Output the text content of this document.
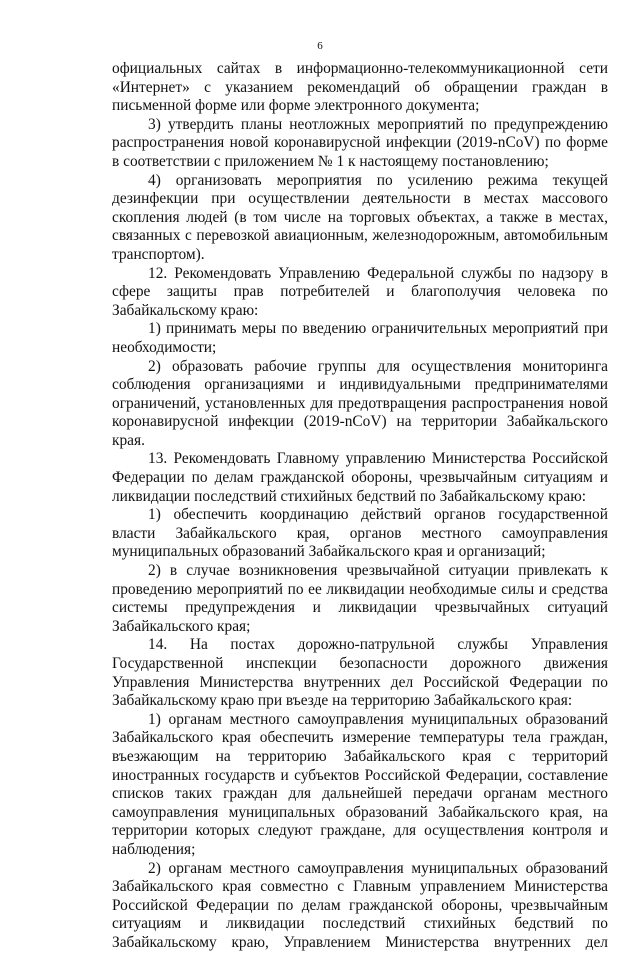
6

официальных сайтах в информационно-телекоммуникационной сети «Интернет» с указанием рекомендаций об обращении граждан в письменной форме или форме электронного документа;

3) утвердить планы неотложных мероприятий по предупреждению распространения новой коронавирусной инфекции (2019-nCoV) по форме в соответствии с приложением № 1 к настоящему постановлению;

4) организовать мероприятия по усилению режима текущей дезинфекции при осуществлении деятельности в местах массового скопления людей (в том числе на торговых объектах, а также в местах, связанных с перевозкой авиационным, железнодорожным, автомобильным транспортом).

12. Рекомендовать Управлению Федеральной службы по надзору в сфере защиты прав потребителей и благополучия человека по Забайкальскому краю:

1) принимать меры по введению ограничительных мероприятий при необходимости;

2) образовать рабочие группы для осуществления мониторинга соблюдения организациями и индивидуальными предпринимателями ограничений, установленных для предотвращения распространения новой коронавирусной инфекции (2019-nCoV) на территории Забайкальского края.

13. Рекомендовать Главному управлению Министерства Российской Федерации по делам гражданской обороны, чрезвычайным ситуациям и ликвидации последствий стихийных бедствий по Забайкальскому краю:

1) обеспечить координацию действий органов государственной власти Забайкальского края, органов местного самоуправления муниципальных образований Забайкальского края и организаций;

2) в случае возникновения чрезвычайной ситуации привлекать к проведению мероприятий по ее ликвидации необходимые силы и средства системы предупреждения и ликвидации чрезвычайных ситуаций Забайкальского края;

14. На постах дорожно-патрульной службы Управления Государственной инспекции безопасности дорожного движения Управления Министерства внутренних дел Российской Федерации по Забайкальскому краю при въезде на территорию Забайкальского края:

1) органам местного самоуправления муниципальных образований Забайкальского края обеспечить измерение температуры тела граждан, въезжающим на территорию Забайкальского края с территорий иностранных государств и субъектов Российской Федерации, составление списков таких граждан для дальнейшей передачи органам местного самоуправления муниципальных образований Забайкальского края, на территории которых следуют граждане, для осуществления контроля и наблюдения;

2) органам местного самоуправления муниципальных образований Забайкальского края совместно с Главным управлением Министерства Российской Федерации по делам гражданской обороны, чрезвычайным ситуациям и ликвидации последствий стихийных бедствий по Забайкальскому краю, Управлением Министерства внутренних дел
